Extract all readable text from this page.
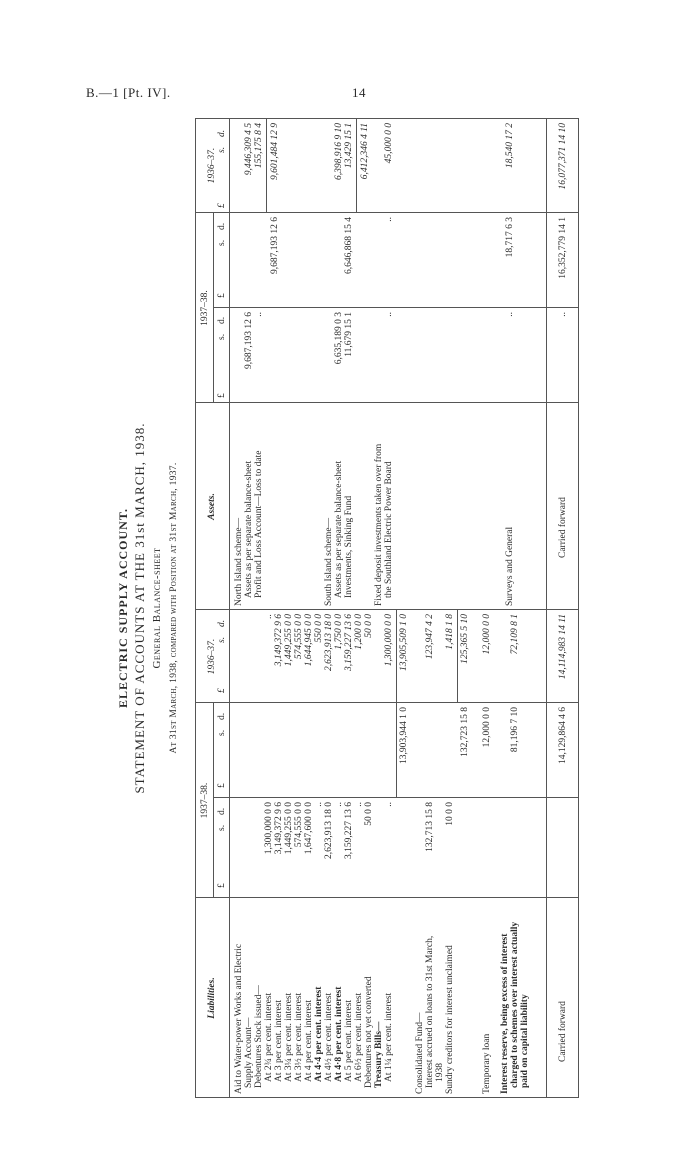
B.—1 [Pt. IV].	14
ELECTRIC SUPPLY ACCOUNT. STATEMENT OF ACCOUNTS AT THE 31st MARCH, 1938. General Balance-sheet At 31st March, 1938, compared with Position at 31st March, 1937.
Liabilities.
1937–38.
1936–37.
Assets.
1937–38.
1936–37.
£
s.
d.
£
s.
d.
£
s.
d.
£
s.
d.
£
s.
d.
£
s.
d.
Aid to Water-power Works and Electric Supply Account— Debentures Stock issued— At 2¾ per cent. interest
1,300,000 0 0
..
At 3 per cent. interest
3,149,372 9 6
3,149,372 9 6
At 3¼ per cent. interest
1,449,255 0 0
1,449,255 0 0
At 3½ per cent. interest
574,555 0 0
574,555 0 0
At 4 per cent. interest
1,647,600 0 0
1,644,945 0 0
At 4·4 per cent. interest
..
550 0 0
At 4½ per cent. interest
2,623,913 18 0
2,623,913 18 0
At 4·8 per cent. interest
..
1,750 0 0
At 5 per cent. interest
3,159,227 13 6
3,159,227 13 6
At 6½ per cent. interest
..
1,200 0 0
Debentures not yet converted
50 0 0
50 0 0
Treasury Bills— At 1¼ per cent. interest
..
1,300,000 0 0
13,903,944 1 0
13,905,509 1 0
Consolidated Fund— Interest accrued on loans to 31st March,
132,713 15 8
123,947 4 2
1938 Sundry creditors for interest unclaimed
10 0 0
1,418 1 8
132,723 15 8
125,365 5 10
Temporary loan
12,000 0 0
12,000 0 0
Interest reserve, being excess of interest charged to schemes over interest actually paid on capital liability
81,196 7 10
72,109 8 1
Carried forward
14,129,864 4 6
14,114,983 14 11
North Island scheme— Assets as per separate balance-sheet
9,687,193 12 6
9,446,309 4 5
Profit and Loss Account—Loss to date
..
155,175 8 4
9,687,193 12 6
9,601,484 12 9
South Island scheme— Assets as per separate balance-sheet
6,635,189 0 3
6,398,916 9 10
Investments, Sinking Fund
11,679 15 1
13,429 15 1
6,646,868 15 4
6,412,346 4 11
Fixed deposit investments taken over from the Southland Electric Power Board
..
..
45,000 0 0
Surveys and General
..
18,717 6 3
18,540 17 2
Carried forward
..
16,352,779 14 1
16,077,371 14 10
